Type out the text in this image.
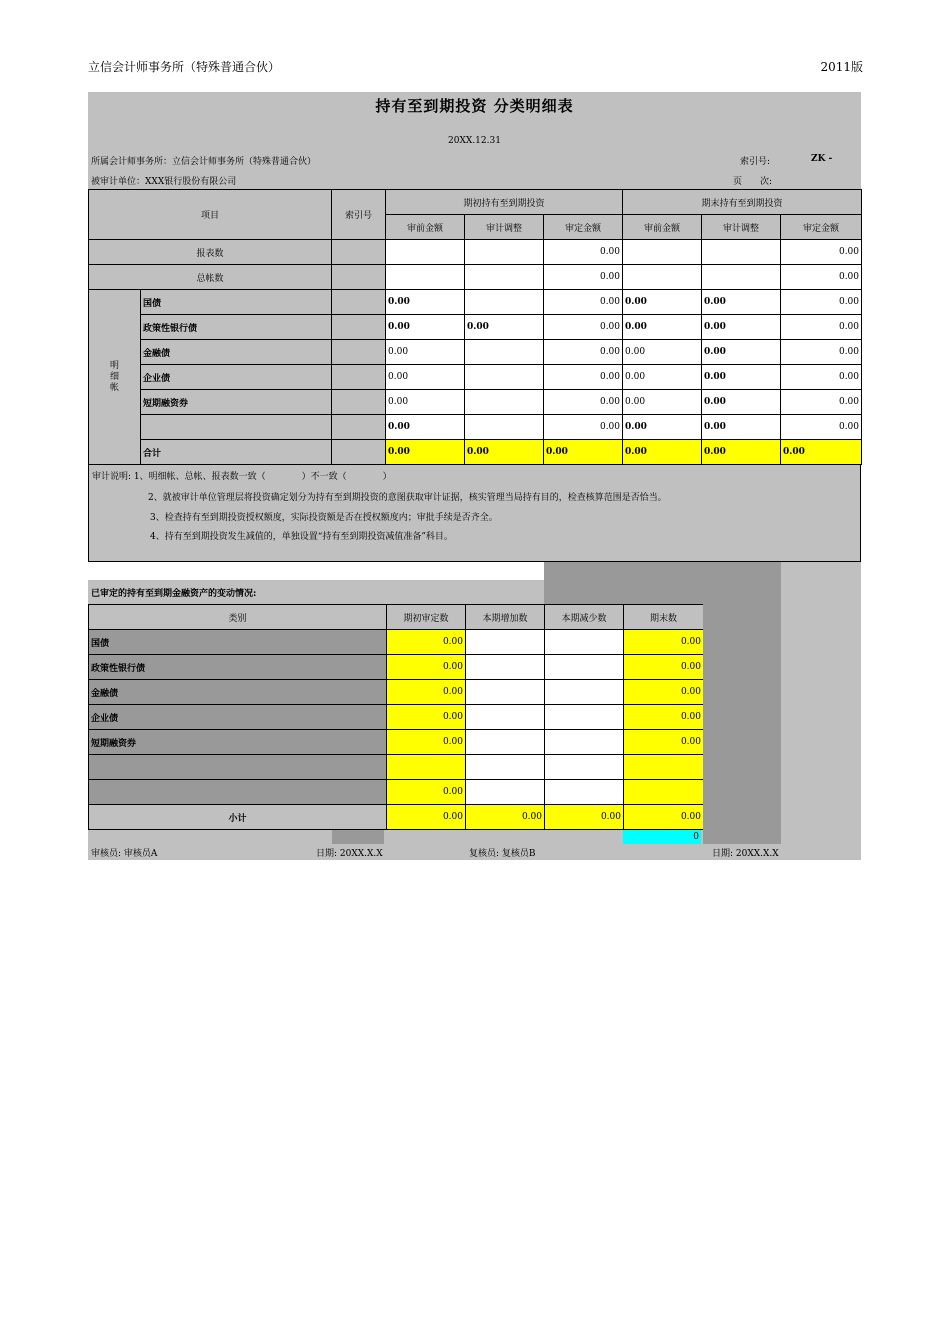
立信会计师事务所（特殊普通合伙）	2011版
持有至到期投资 分类明细表
20XX.12.31
所属会计师事务所：立信会计师事务所（特殊普通合伙）
被审计单位：XXX银行股份有限公司
索引号:	ZK -
页　　次:
项目		索引号	期初持有至到期投资			期末持有至到期投资		
			审前金额	审计调整	审定金额	审前金额	审计调整	审定金额
报表数					0.00			0.00
总帐数					0.00			0.00
明
细
帐	国债		0.00		0.00	0.00	0.00	0.00
	政策性银行债		0.00	0.00	0.00	0.00	0.00	0.00
	金融债		0.00		0.00	0.00	0.00	0.00
	企业债		0.00		0.00	0.00	0.00	0.00
	短期融资券		0.00		0.00	0.00	0.00	0.00
			0.00		0.00	0.00	0.00	0.00
	合计		0.00	0.00	0.00	0.00	0.00	0.00
审计说明: 1、明细帐、总帐、报表数一致（　　　　）不一致（　　　　）
2、就被审计单位管理层将投资确定划分为持有至到期投资的意图获取审计证据，核实管理当局持有目的，检查核算范围是否恰当。
3、检查持有至到期投资授权额度，实际投资额是否在授权额度内；审批手续是否齐全。
4、持有至到期投资发生减值的，单独设置“持有至到期投资减值准备”科目。
已审定的持有至到期金融资产的变动情况:
类别	期初审定数	本期增加数	本期减少数	期末数
国债	0.00			0.00
政策性银行债	0.00			0.00
金融债	0.00			0.00
企业债	0.00			0.00
短期融资券	0.00			0.00

	0.00			
小计	0.00	0.00	0.00	0.00
0
审核员: 审核员A	日期: 20XX.X.X	复核员: 复核员B	日期: 20XX.X.X
